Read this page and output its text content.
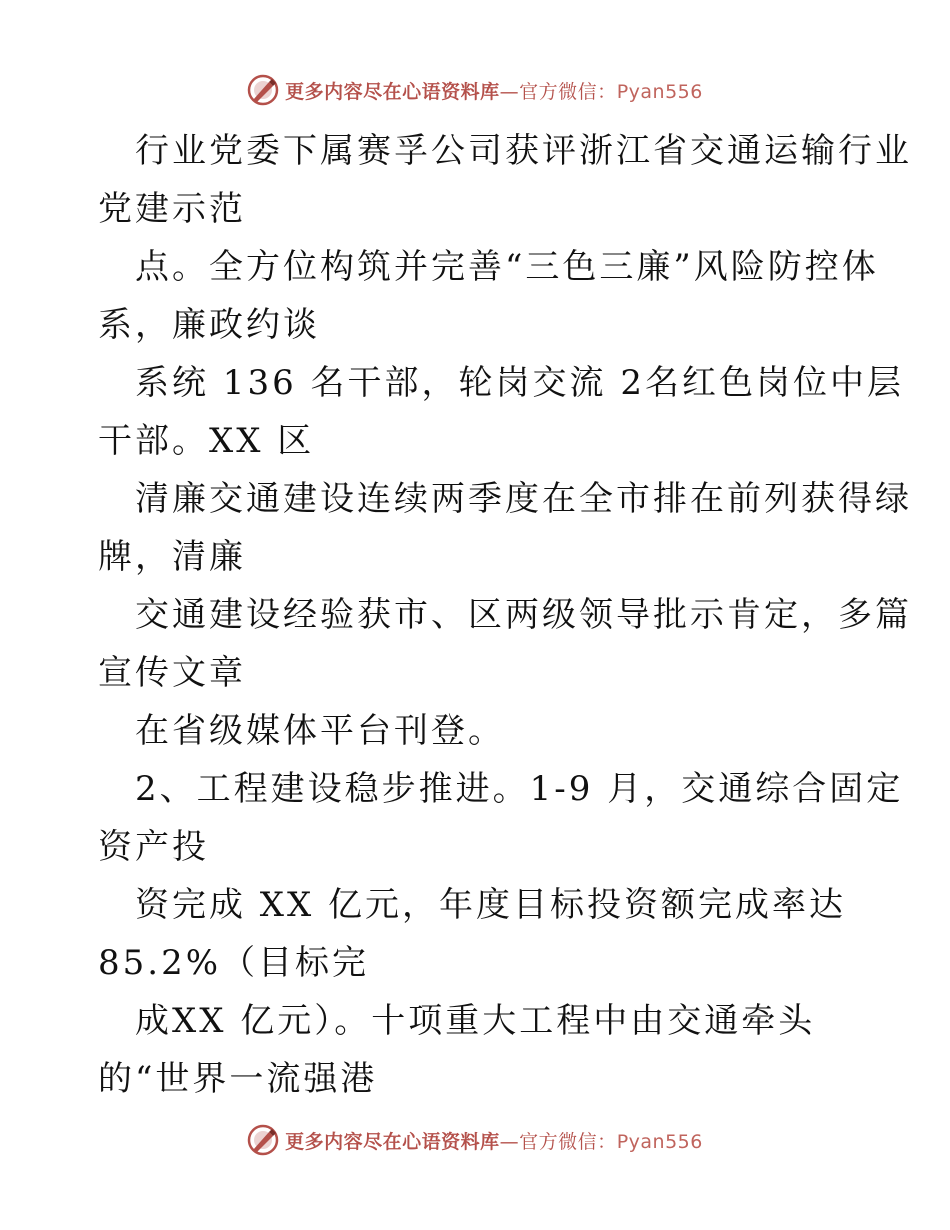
更多内容尽在心语资料库—官方微信：Pyan556
行业党委下属赛孚公司获评浙江省交通运输行业
党建示范
点。全方位构筑并完善“三色三廉”风险防控体
系，廉政约谈
系统 136 名干部，轮岗交流 2名红色岗位中层
干部。XX 区
清廉交通建设连续两季度在全市排在前列获得绿
牌，清廉
交通建设经验获市、区两级领导批示肯定，多篇
宣传文章
在省级媒体平台刊登。
2、工程建设稳步推进。1-9 月，交通综合固定
资产投
资完成 XX 亿元，年度目标投资额完成率达
85.2%（目标完
成XX 亿元）。十项重大工程中由交通牵头
的“世界一流强港
更多内容尽在心语资料库—官方微信：Pyan556
